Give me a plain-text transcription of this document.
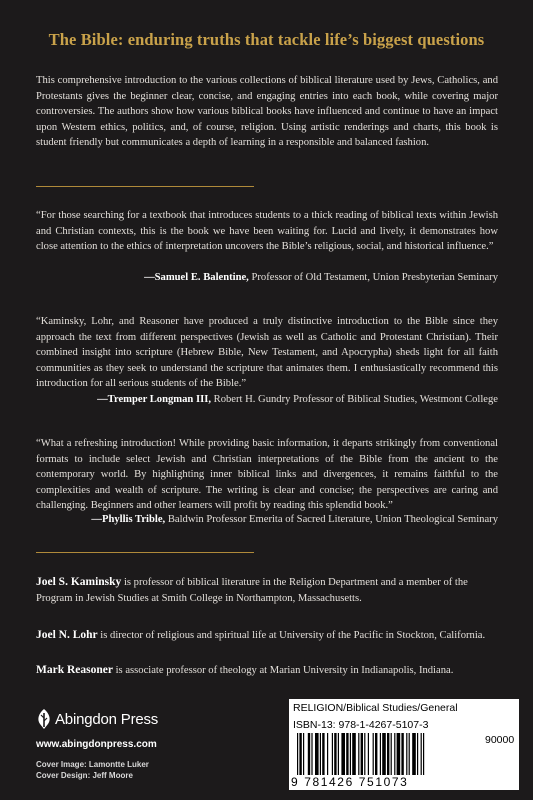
The Bible: enduring truths that tackle life’s biggest questions
This comprehensive introduction to the various collections of biblical literature used by Jews, Catholics, and Protestants gives the beginner clear, concise, and engaging entries into each book, while covering major controversies. The authors show how various biblical books have influenced and continue to have an impact upon Western ethics, politics, and, of course, religion. Using artistic renderings and charts, this book is student friendly but communicates a depth of learning in a responsible and balanced fashion.
“For those searching for a textbook that introduces students to a thick reading of biblical texts within Jewish and Christian contexts, this is the book we have been waiting for. Lucid and lively, it demonstrates how close attention to the ethics of interpretation uncovers the Bible’s religious, social, and historical influence.”
—Samuel E. Balentine, Professor of Old Testament, Union Presbyterian Seminary
“Kaminsky, Lohr, and Reasoner have produced a truly distinctive introduction to the Bible since they approach the text from different perspectives (Jewish as well as Catholic and Protestant Christian). Their combined insight into scripture (Hebrew Bible, New Testament, and Apocrypha) sheds light for all faith communities as they seek to understand the scripture that animates them. I enthusiastically recommend this introduction for all serious students of the Bible.”
—Tremper Longman III, Robert H. Gundry Professor of Biblical Studies, Westmont College
“What a refreshing introduction! While providing basic information, it departs strikingly from conventional formats to include select Jewish and Christian interpretations of the Bible from the ancient to the contemporary world. By highlighting inner biblical links and divergences, it remains faithful to the complexities and wealth of scripture. The writing is clear and concise; the perspectives are caring and challenging. Beginners and other learners will profit by reading this splendid book.”
—Phyllis Trible, Baldwin Professor Emerita of Sacred Literature, Union Theological Seminary
Joel S. Kaminsky is professor of biblical literature in the Religion Department and a member of the Program in Jewish Studies at Smith College in Northampton, Massachusetts.
Joel N. Lohr is director of religious and spiritual life at University of the Pacific in Stockton, California.
Mark Reasoner is associate professor of theology at Marian University in Indianapolis, Indiana.
Abingdon Press
www.abingdonpress.com
Cover Image: Lamontte Luker
Cover Design: Jeff Moore
RELIGION/Biblical Studies/General
ISBN-13: 978-1-4267-5107-3
90000
9 781426 751073
